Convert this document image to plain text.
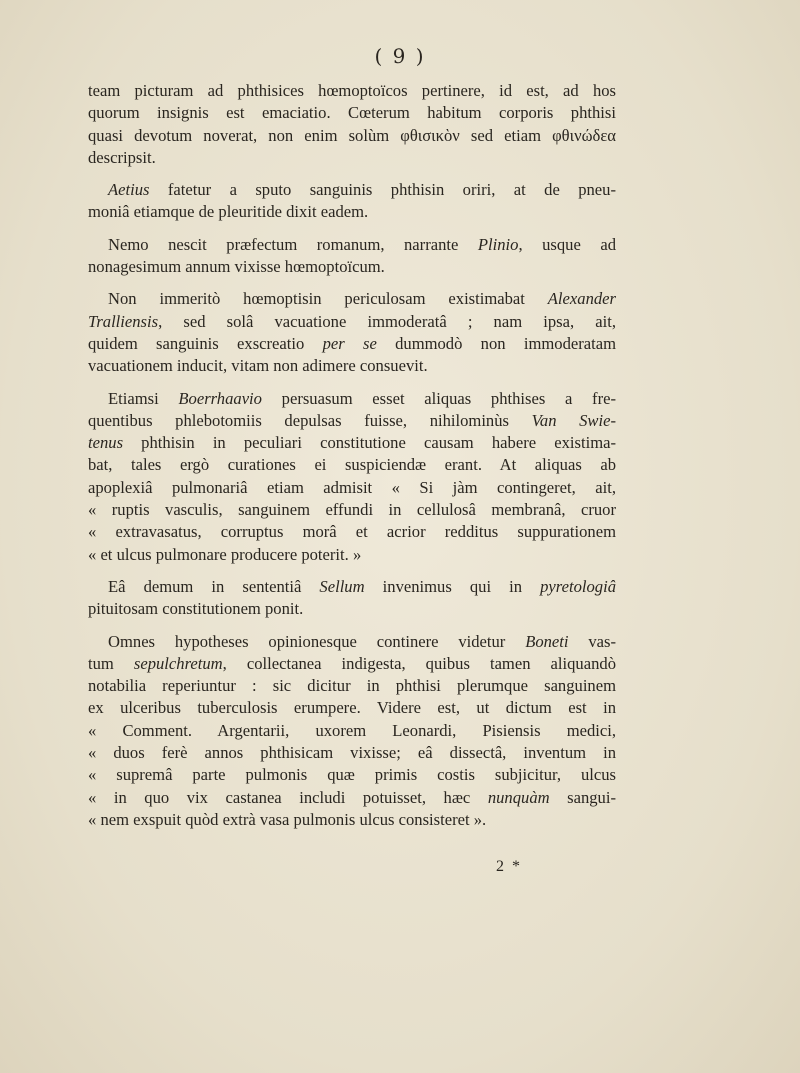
( 9 )
team picturam ad phthisices hœmoptoïcos pertinere, id est, ad hos
quorum insignis est emaciatio. Cœterum habitum corporis phthisi
quasi devotum noverat, non enim solùm φθισικὸν sed etiam φθινώδεα
descripsit.
Aetius fatetur a sputo sanguinis phthisin oriri, at de pneu-
moniâ etiamque de pleuritide dixit eadem.
Nemo nescit præfectum romanum, narrante Plinio, usque ad
nonagesimum annum vixisse hœmoptoïcum.
Non immeritò hœmoptisin periculosam existimabat Alexander
Tralliensis, sed solâ vacuatione immoderatâ ; nam ipsa, ait,
quidem sanguinis exscreatio per se dummodò non immoderatam
vacuationem inducit, vitam non adimere consuevit.
Etiamsi Boerrhaavio persuasum esset aliquas phthises a fre-
quentibus phlebotomiis depulsas fuisse, nihilominùs Van Swie-
tenus phthisin in peculiari constitutione causam habere existima-
bat, tales ergò curationes ei suspiciendæ erant. At aliquas ab
apoplexiâ pulmonariâ etiam admisit « Si jàm contingeret, ait,
« ruptis vasculis, sanguinem effundi in cellulosâ membranâ, cruor
« extravasatus, corruptus morâ et acrior redditus suppurationem
« et ulcus pulmonare producere poterit. »
Eâ demum in sententiâ Sellum invenimus qui in pyretologiâ
pituitosam constitutionem ponit.
Omnes hypotheses opinionesque continere videtur Boneti vas-
tum sepulchretum, collectanea indigesta, quibus tamen aliquandò
notabilia reperiuntur : sic dicitur in phthisi plerumque sanguinem
ex ulceribus tuberculosis erumpere. Videre est, ut dictum est in
« Comment. Argentarii, uxorem Leonardi, Pisiensis medici,
« duos ferè annos phthisicam vixisse; eâ dissectâ, inventum in
« supremâ parte pulmonis quæ primis costis subjicitur, ulcus
« in quo vix castanea includi potuisset, hæc nunquàm sangui-
« nem exspuit quòd extrà vasa pulmonis ulcus consisteret ».
2 *
